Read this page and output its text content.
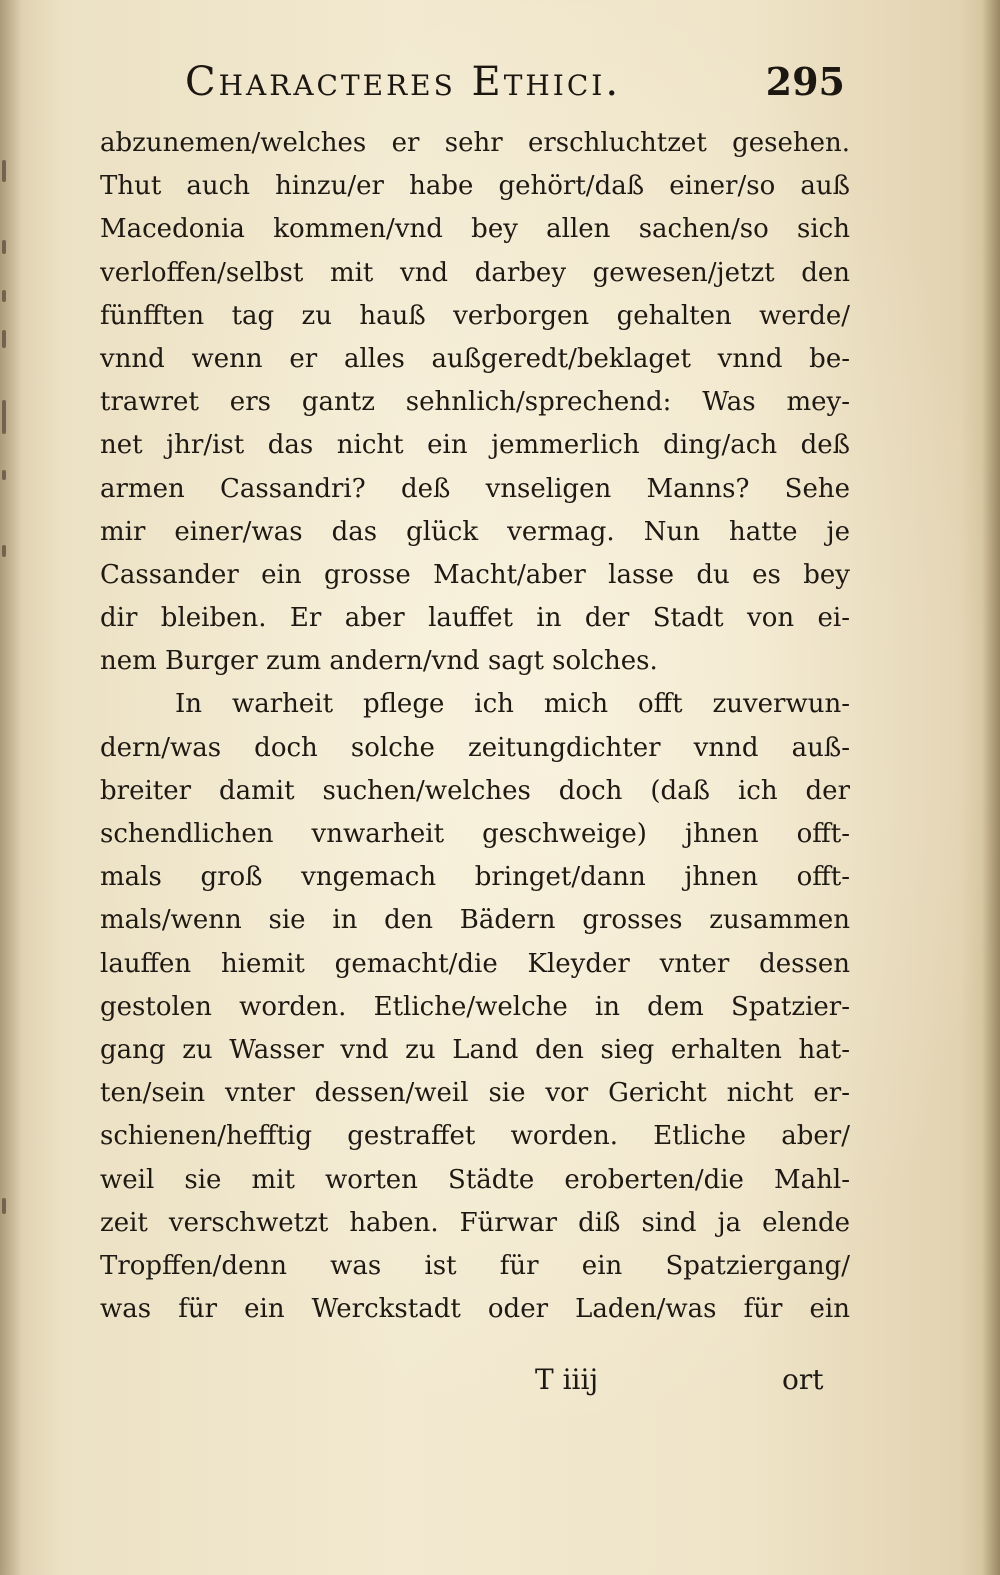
Characteres Ethici.	295
abzunemen/welches er sehr erschluchtzet gesehen.
Thut auch hinzu/er habe gehört/daß einer/so auß
Macedonia kommen/vnd bey allen sachen/so sich
verloffen/selbst mit vnd darbey gewesen/jetzt den
fünfften tag zu hauß verborgen gehalten werde/
vnnd wenn er alles außgeredt/beklaget vnnd be-
trawret ers gantz sehnlich/sprechend: Was mey-
net jhr/ist das nicht ein jemmerlich ding/ach deß
armen Cassandri? deß vnseligen Manns? Sehe
mir einer/was das glück vermag. Nun hatte je
Cassander ein grosse Macht/aber lasse du es bey
dir bleiben. Er aber lauffet in der Stadt von ei-
nem Burger zum andern/vnd sagt solches.
In warheit pflege ich mich offt zuverwun-
dern/was doch solche zeitungdichter vnnd auß-
breiter damit suchen/welches doch (daß ich der
schendlichen vnwarheit geschweige) jhnen offt-
mals groß vngemach bringet/dann jhnen offt-
mals/wenn sie in den Bädern grosses zusammen
lauffen hiemit gemacht/die Kleyder vnter dessen
gestolen worden. Etliche/welche in dem Spatzier-
gang zu Wasser vnd zu Land den sieg erhalten hat-
ten/sein vnter dessen/weil sie vor Gericht nicht er-
schienen/hefftig gestraffet worden. Etliche aber/
weil sie mit worten Städte eroberten/die Mahl-
zeit verschwetzt haben. Fürwar diß sind ja elende
Tropffen/denn was ist für ein Spatziergang/
was für ein Werckstadt oder Laden/was für ein
T iiij	ort
